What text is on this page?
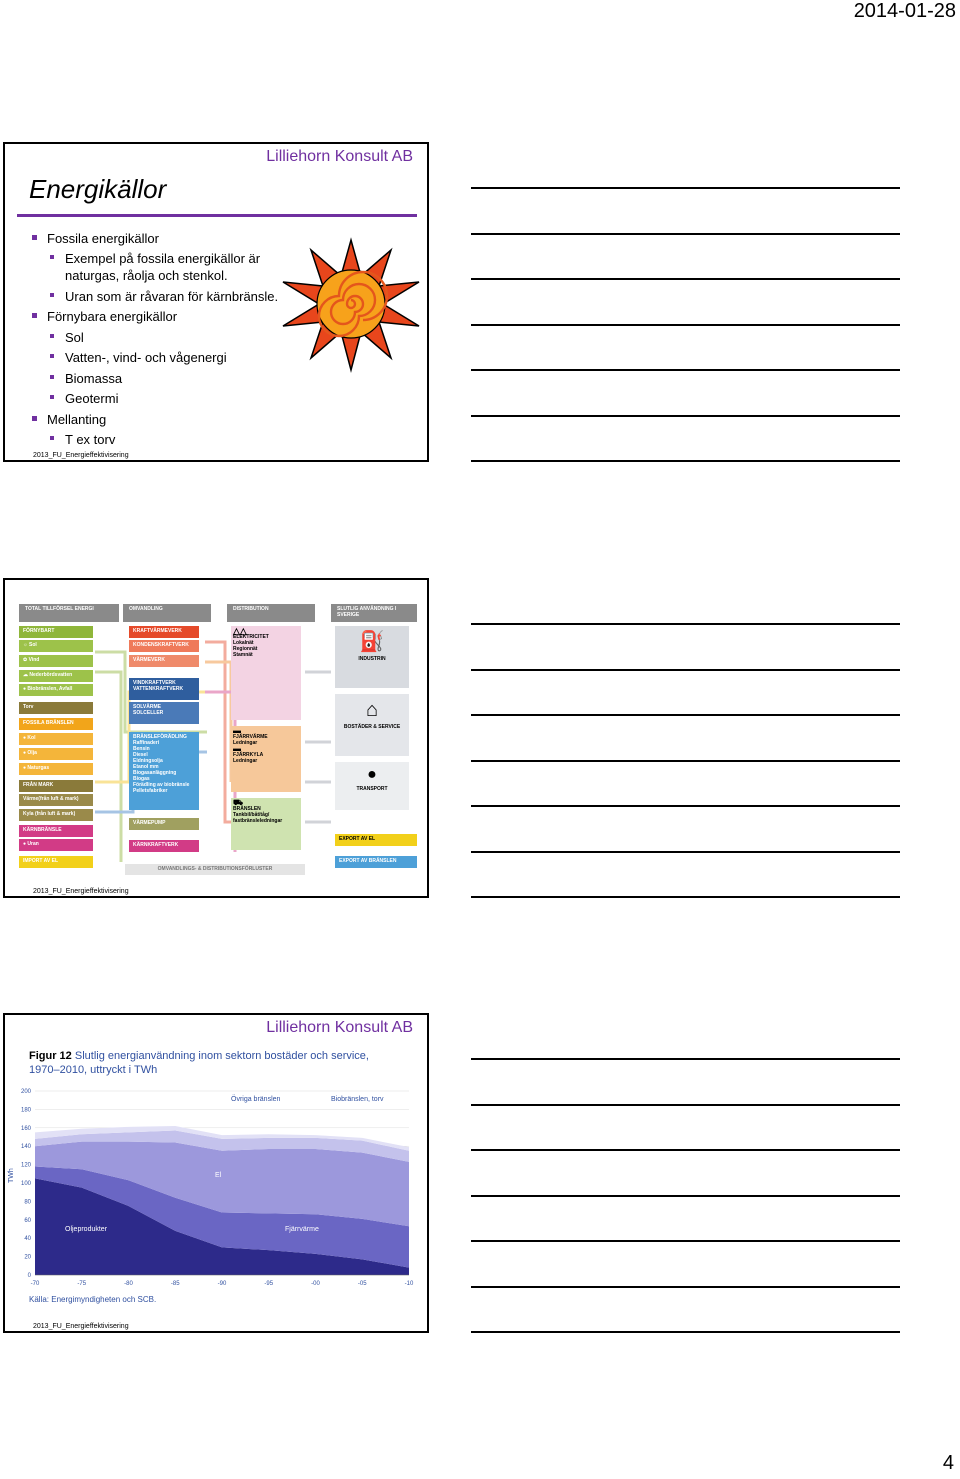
2014-01-28
Lilliehorn Konsult AB
Energikällor
Fossila energikällor
Exempel på fossila energikällor är
naturgas, råolja och stenkol.
Uran som är råvaran för kärnbränsle.
Förnybara energikällor
Sol
Vatten-, vind- och vågenergi
Biomassa
Geotermi
Mellanting
T ex torv
2013_FU_Energieffektivisering
TOTAL TILLFÖRSEL ENERGI	OMVANDLING	DISTRIBUTION	SLUTLIG ANVÄNDNING I SVERIGE
FÖRNYBART
☼ Sol
✿ Vind
☁ Nederbördsvatten
● Biobränslen, Avfall
Torv
FOSSILA BRÄNSLEN
● Kol
● Olja
● Naturgas
FRÅN MARK
Värme(från luft & mark)
Kyla (från luft & mark)
KÄRNBRÄNSLE
● Uran
IMPORT AV EL
KRAFTVÄRMEVERK
KONDENSKRAFTVERK
VÄRMEVERK
VINDKRAFTVERK
VATTENKRAFTVERK
SOLVÄRME
SOLCELLER
BRÄNSLEFÖRÄDLING
Raffinaderi
Bensin
Diesel
Eldningsolja
Etanol mm
Biogasanläggning
Biogas
Förädling av biobränsle
Pelletsfabriker
VÄRMEPUMP
KÄRNKRAFTVERK
△△
ELEKTRICITET
Lokalnät
Regionnät
Stamnät
▬
FJÄRRVÄRME
Ledningar

▬
FJÄRRKYLA
Ledningar
⛟
BRÄNSLEN
Tankbil/båt/tåg/
fastbränsleledningar
⛽
INDUSTRIN
⌂
BOSTÄDER & SERVICE
●
TRANSPORT
EXPORT AV EL
EXPORT AV BRÄNSLEN
OMVANDLINGS- & DISTRIBUTIONSFÖRLUSTER
2013_FU_Energieffektivisering
Lilliehorn Konsult AB
Figur 12 Slutlig energianvändning inom sektorn bostäder och service,
1970–2010, uttryckt i TWh
0
20
40
60
80
100
120
140
160
180
200
-70	-75	-80	-85	-90	-95	-00	-05	-10
TWh
Övriga bränslen	Biobränslen, torv
El
Oljeprodukter	Fjärrvärme
Källa: Energimyndigheten och SCB.
2013_FU_Energieffektivisering
4
